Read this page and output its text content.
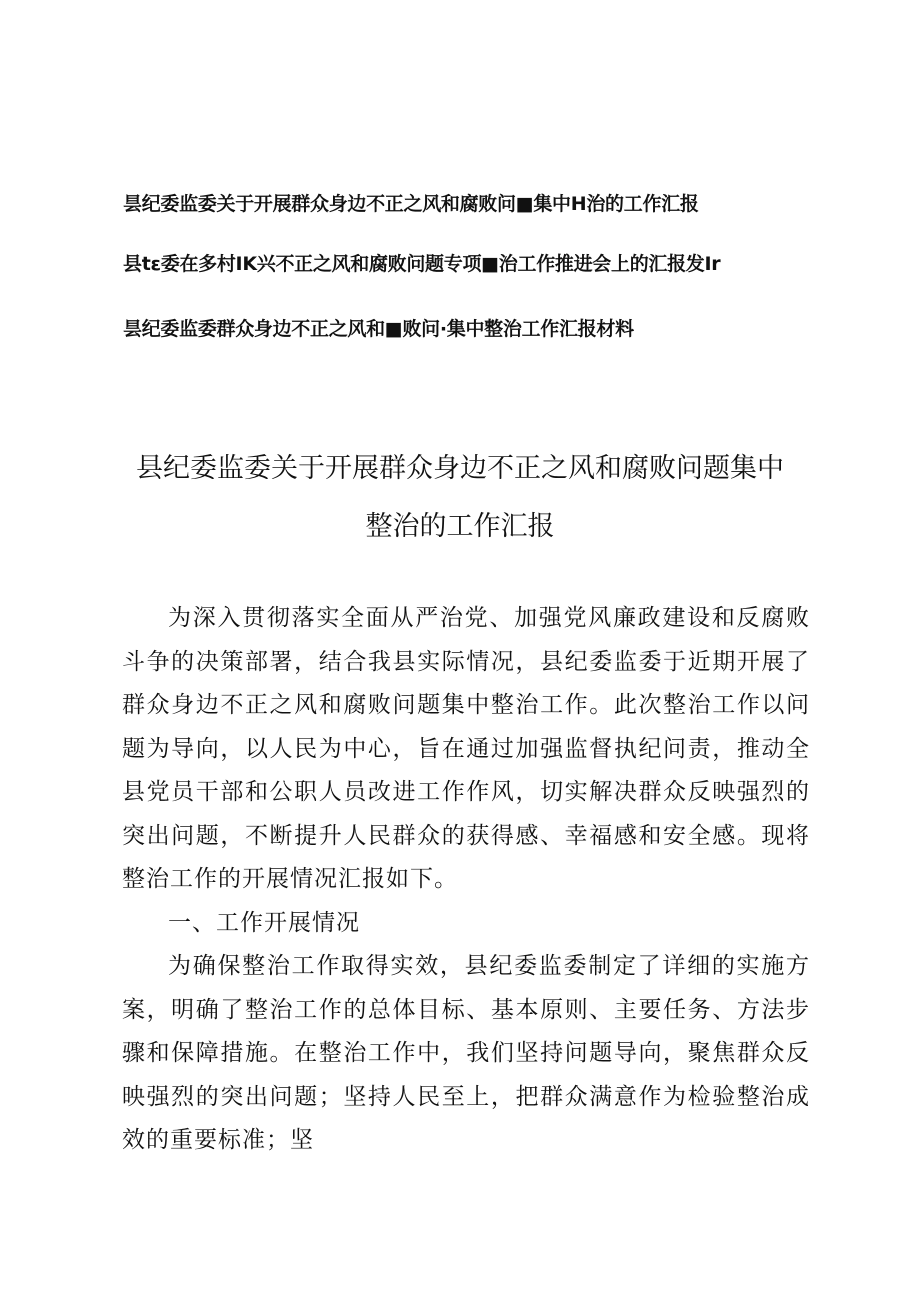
昙纪委监委关于开展群众身边不正之风和腐败问■集中H治的工作汇报
县tε委在多村IK兴不正之风和腐败问题专项■治工作推进会上的汇报发Ir
昙纪委监委群众身边不正之风和■败问·集中整治工作汇报材料
县纪委监委关于开展群众身边不正之风和腐败问题集中
整治的工作汇报

为深入贯彻落实全面从严治党、加强党风廉政建设和反腐败斗争的决策部署，结合我县实际情况，县纪委监委于近期开展了群众身边不正之风和腐败问题集中整治工作。此次整治工作以问题为导向，以人民为中心，旨在通过加强监督执纪问责，推动全县党员干部和公职人员改进工作作风，切实解决群众反映强烈的突出问题，不断提升人民群众的获得感、幸福感和安全感。现将整治工作的开展情况汇报如下。

一、工作开展情况

为确保整治工作取得实效，县纪委监委制定了详细的实施方案，明确了整治工作的总体目标、基本原则、主要任务、方法步骤和保障措施。在整治工作中，我们坚持问题导向，聚焦群众反映强烈的突出问题；坚持人民至上，把群众满意作为检验整治成效的重要标准；坚
